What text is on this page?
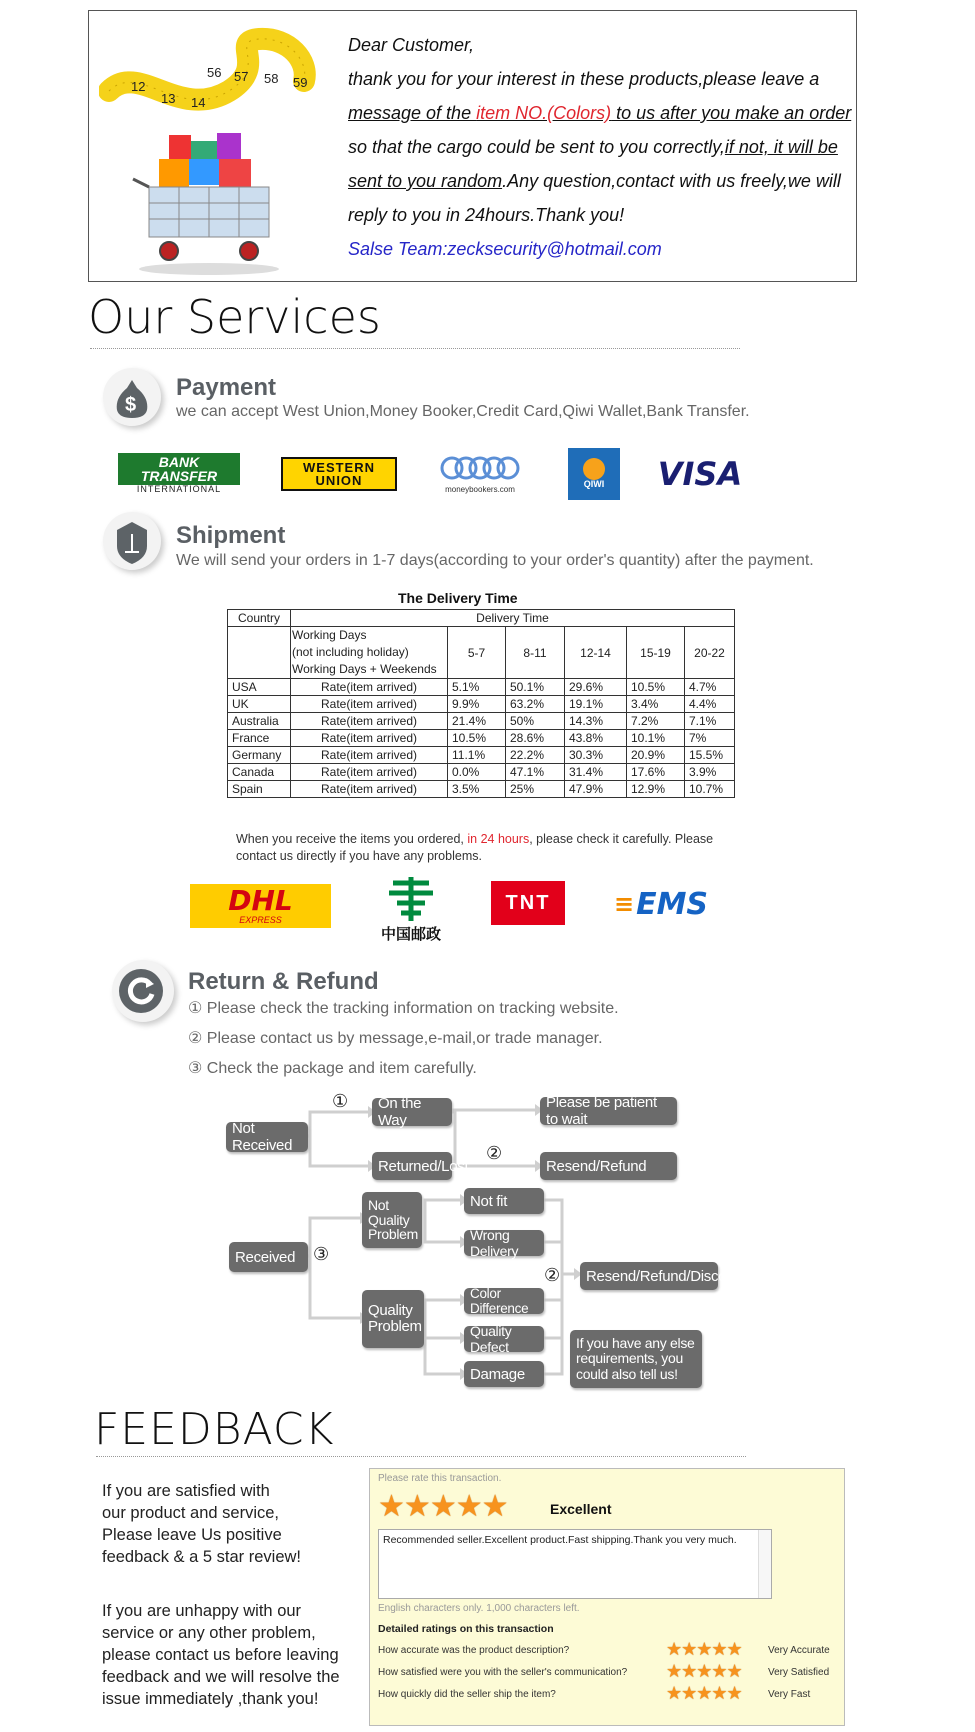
56 57 58 59
12
13 14
Dear Customer,
thank you for your interest in these products,please leave a
message of the item NO.(Colors) to us after you make an order
so that the cargo could be sent to you correctly,if not, it will be
sent to you random.Any question,contact with us freely,we will
reply to you in 24hours.Thank you!
Salse Team:zecksecurity@hotmail.com
Our Services
$
Payment
we can accept West Union,Money Booker,Credit Card,Qiwi Wallet,Bank Transfer.
BANK TRANSFER
INTERNATIONAL
WESTERN
UNION
moneybookers.com
QIWI VISA
Shipment
We will send your orders in 1-7 days(according to your order's quantity) after the payment.
The Delivery Time
Country	Delivery Time					

	Working Days
(not including holiday)
Working Days + Weekends	5-7	8-11	12-14	15-19	20-22
USA	Rate(item arrived)	5.1%	50.1%	29.6%	10.5%	4.7%
UK	Rate(item arrived)	9.9%	63.2%	19.1%	3.4%	4.4%
Australia	Rate(item arrived)	21.4%	50%	14.3%	7.2%	7.1%
France	Rate(item arrived)	10.5%	28.6%	43.8%	10.1%	7%
Germany	Rate(item arrived)	11.1%	22.2%	30.3%	20.9%	15.5%
Canada	Rate(item arrived)	0.0%	47.1%	31.4%	17.6%	3.9%
Spain	Rate(item arrived)	3.5%	25%	47.9%	12.9%	10.7%
When you receive the items you ordered, in 24 hours, please check it carefully. Please
contact us directly if you have any problems.
DHL
EXPRESS
中国邮政
TNT	≡ EMS
Return & Refund
① Please check the tracking information on tracking website.
② Please contact us by message,e-mail,or trade manager.
③ Check the package and item carefully.
Not Received
On the Way
Returned/Lost
Please be patient to wait
Resend/Refund
①
②
Received ③
Not Quality Problem
Quality Problem
Not fit
Wrong Delivery
Color Difference
Quality Defect
Damage
②	Resend/Refund/Discount
If you have any else requirements, you could also tell us!
FEEDBACK
If you are satisfied with
our product and service,
Please leave Us positive
feedback & a 5 star review!
If you are unhappy with our
service or any other problem,
please contact us before leaving
feedback and we will resolve the
issue immediately ,thank you!
Please rate this transaction.
★★★★★	Excellent
Recommended seller.Excellent product.Fast shipping.Thank you very much.
English characters only. 1,000 characters left.
Detailed ratings on this transaction
How accurate was the product description?	★★★★★	Very Accurate
How satisfied were you with the seller's communication? ★★★★★	Very Satisfied
How quickly did the seller ship the item?	★★★★★	Very Fast
